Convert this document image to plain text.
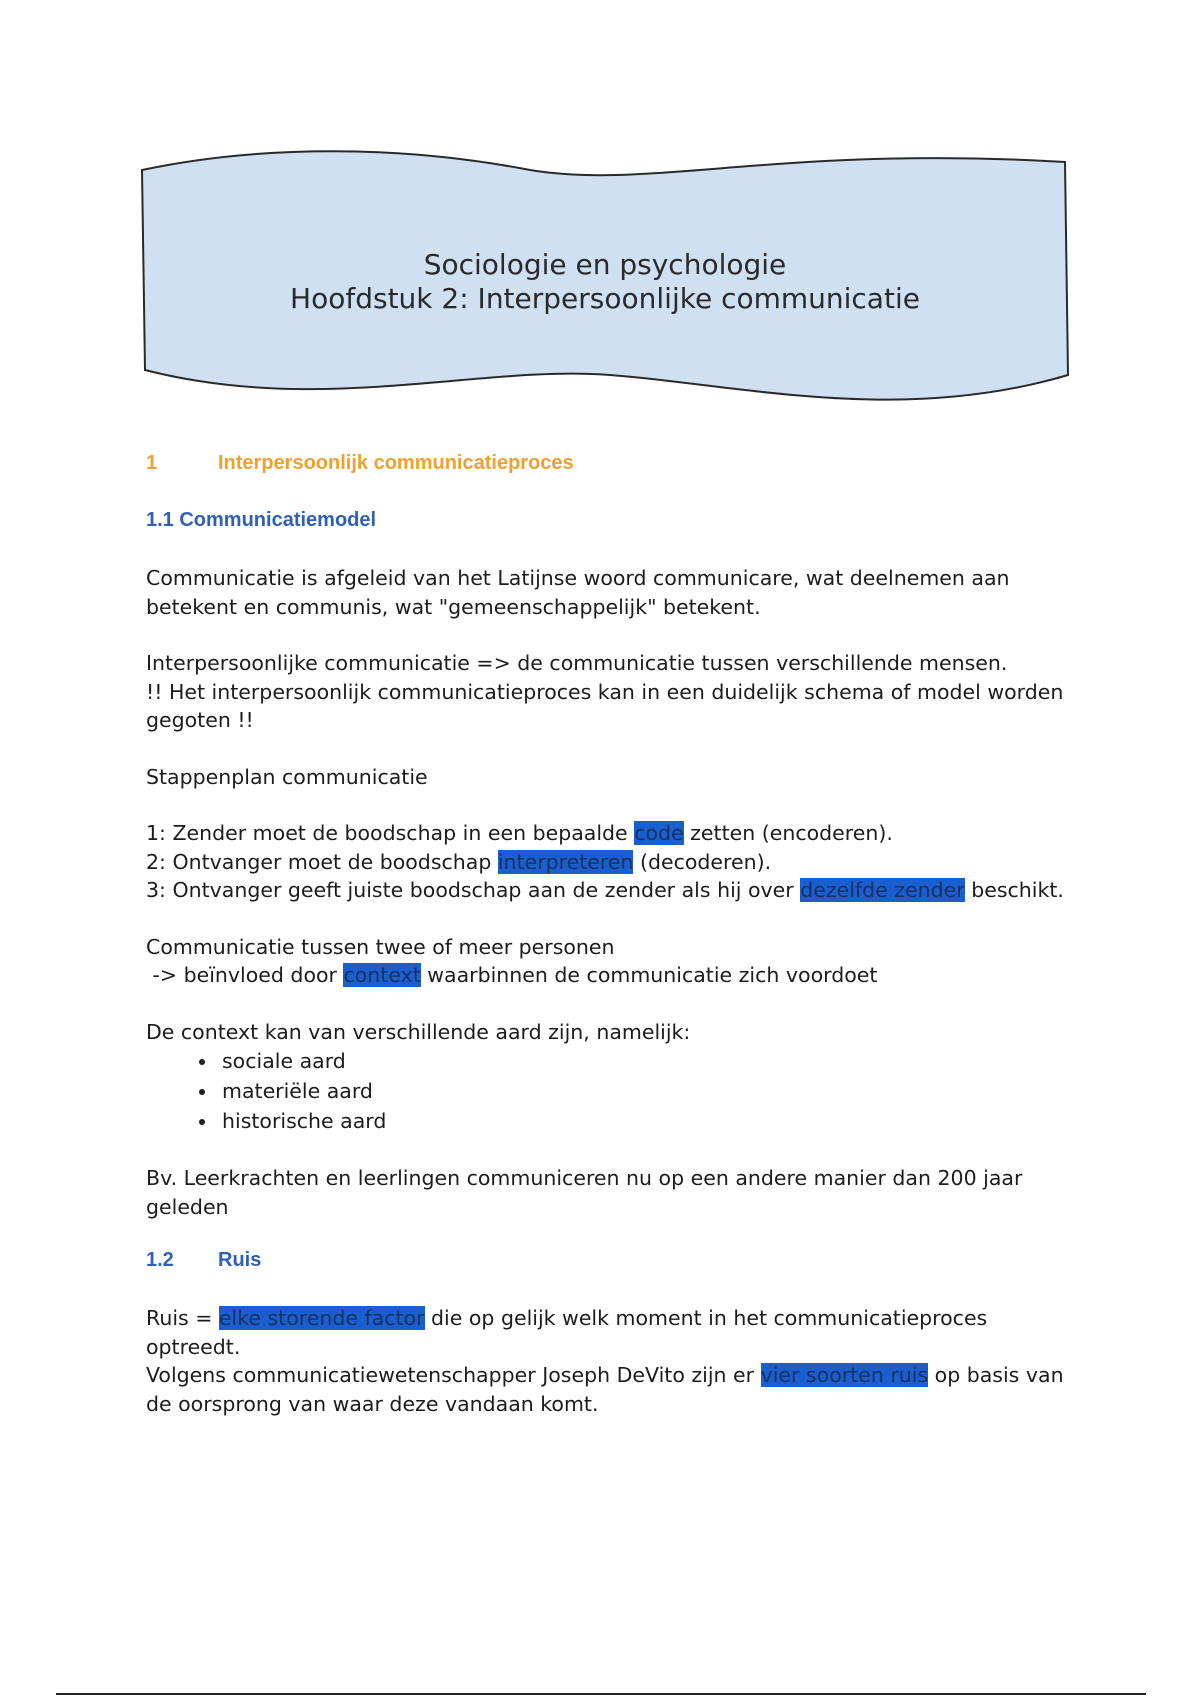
Sociologie en psychologie
Hoofdstuk 2: Interpersoonlijke communicatie
1	Interpersoonlijk communicatieproces
1.1 Communicatiemodel

Communicatie is afgeleid van het Latijnse woord communicare, wat deelnemen aan betekent en communis, wat "gemeenschappelijk" betekent.

Interpersoonlijke communicatie => de communicatie tussen verschillende mensen.
!! Het interpersoonlijk communicatieproces kan in een duidelijk schema of model worden gegoten !!

Stappenplan communicatie

1: Zender moet de boodschap in een bepaalde code zetten (encoderen).
2: Ontvanger moet de boodschap interpreteren (decoderen).
3: Ontvanger geeft juiste boodschap aan de zender als hij over dezelfde zender beschikt.

Communicatie tussen twee of meer personen
-> beïnvloed door context waarbinnen de communicatie zich voordoet

De context kan van verschillende aard zijn, namelijk:

• sociale aard
• materiële aard
• historische aard

Bv. Leerkrachten en leerlingen communiceren nu op een andere manier dan 200 jaar geleden

1.2 Ruis

Ruis = elke storende factor die op gelijk welk moment in het communicatieproces optreedt.
Volgens communicatiewetenschapper Joseph DeVito zijn er vier soorten ruis op basis van de oorsprong van waar deze vandaan komt.
